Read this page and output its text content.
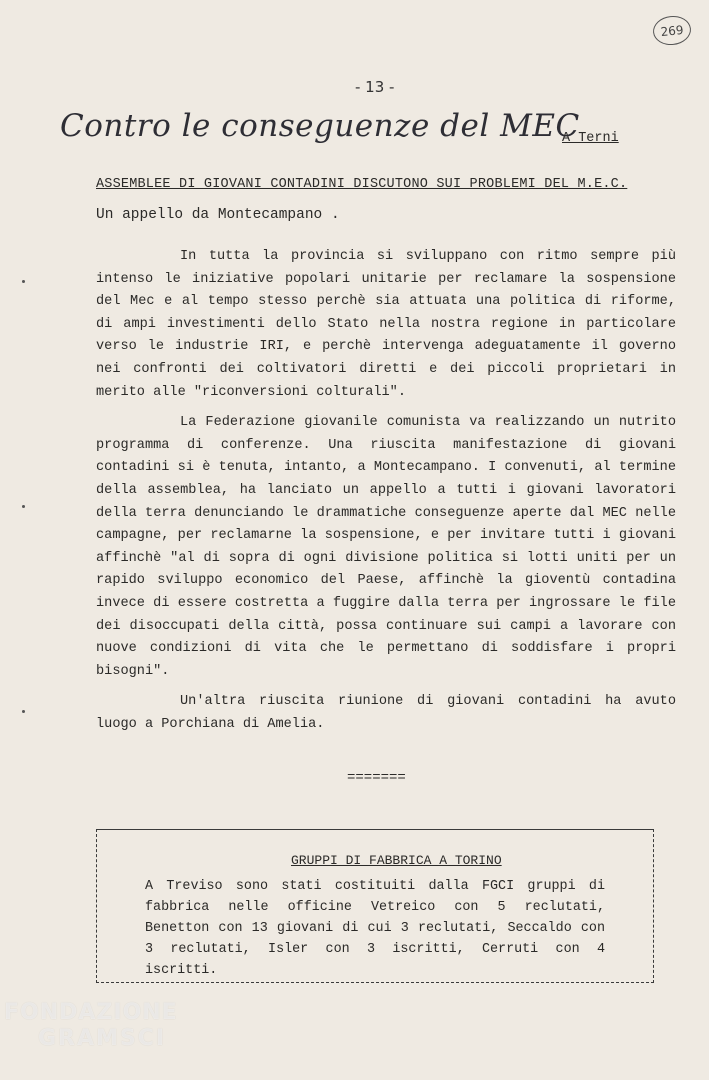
269
- 13 -
Contro le conseguenze del MEC
A Terni
ASSEMBLEE DI GIOVANI CONTADINI DISCUTONO SUI PROBLEMI DEL M.E.C.
Un appello da Montecampano .

In tutta la provincia si sviluppano con ritmo sempre più intenso le iniziative popolari unitarie per reclamare la sospensione del Mec e al tempo stesso perchè sia attuata una politica di riforme, di ampi investimenti dello Stato nella nostra regione in particolare verso le industrie IRI, e perchè intervenga adeguatamente il governo nei confronti dei coltivatori diretti e dei piccoli proprietari in merito alle "riconversioni colturali".

La Federazione giovanile comunista va realizzando un nutrito programma di conferenze. Una riuscita manifestazione di giovani contadini si è tenuta, intanto, a Montecampano. I convenuti, al termine della assemblea, ha lanciato un appello a tutti i giovani lavoratori della terra denunciando le drammatiche conseguenze aperte dal MEC nelle campagne, per reclamarne la sospensione, e per invitare tutti i giovani affinchè "al di sopra di ogni divisione politica si lotti uniti per un rapido sviluppo economico del Paese, affinchè la gioventù contadina invece di essere costretta a fuggire dalla terra per ingrossare le file dei disoccupati della città, possa continuare sui campi a lavorare con nuove condizioni di vita che le permettano di soddisfare i propri bisogni".

Un'altra riuscita riunione di giovani contadini ha avuto luogo a Porchiana di Amelia.

=======
GRUPPI DI FABBRICA A TORINO
A Treviso sono stati costituiti dalla FGCI gruppi di fabbrica nelle officine Vetreico con 5 reclutati, Benetton con 13 giovani di cui 3 reclutati, Seccaldo con 3 reclutati, Isler con 3 iscritti, Cerruti con 4 iscritti.
FONDAZIONE
GRAMSCI
